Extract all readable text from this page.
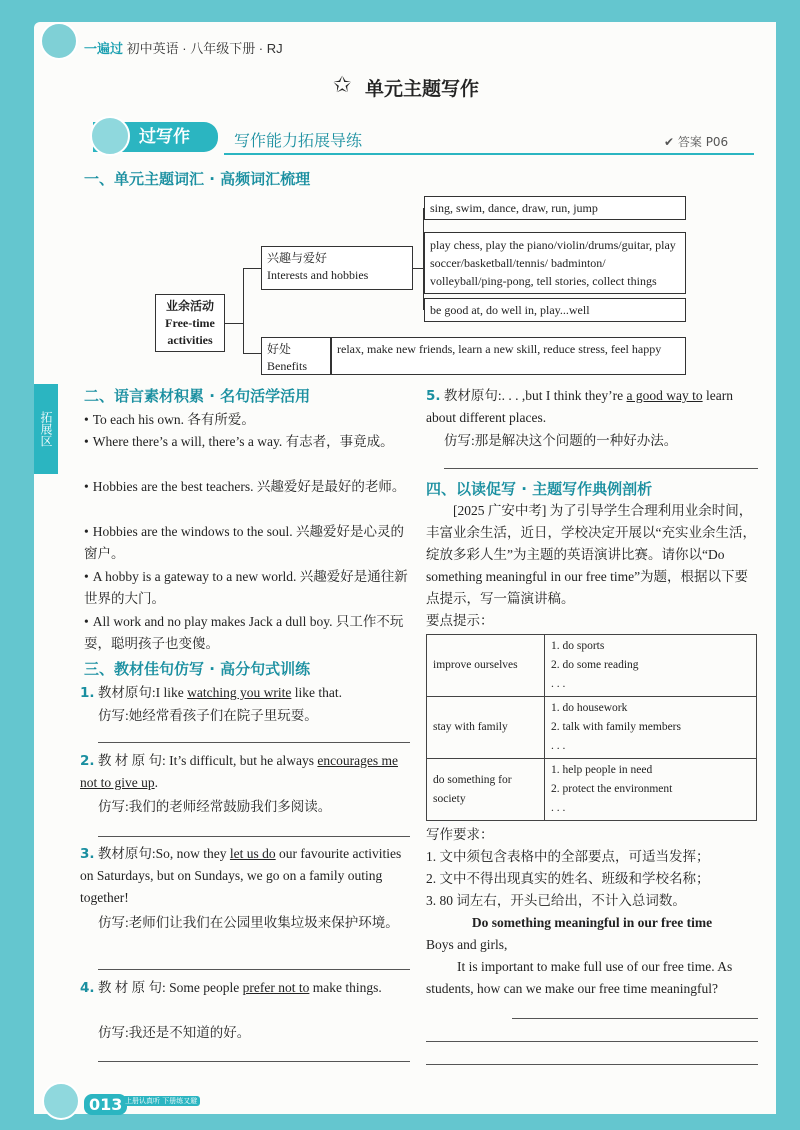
一遍过 初中英语 · 八年级下册 · RJ
✩ 单元主题写作
过写作	写作能力拓展导练	✔ 答案 P06
拓展区
一、单元主题词汇 · 高频词汇梳理
业余活动
Free-time activities
兴趣与爱好
Interests and hobbies
sing, swim, dance, draw, run, jump
play chess, play the piano/violin/drums/guitar, play soccer/basketball/tennis/ badminton/ volleyball/ping-pong, tell stories, collect things
be good at, do well in, play...well
好处
Benefits
relax, make new friends, learn a new skill, reduce stress, feel happy
二、语言素材积累 · 名句活学活用
• To each his own. 各有所爱。
• Where there’s a will, there’s a way. 有志者，事竟成。
• Hobbies are the best teachers. 兴趣爱好是最好的老师。
• Hobbies are the windows to the soul. 兴趣爱好是心灵的窗户。
• A hobby is a gateway to a new world. 兴趣爱好是通往新世界的大门。
• All work and no play makes Jack a dull boy. 只工作不玩耍，聪明孩子也变傻。
三、教材佳句仿写 · 高分句式训练
1. 教材原句:I like watching you write like that.
仿写:她经常看孩子们在院子里玩耍。
2. 教 材 原 句: It’s difficult, but he always encourages me not to give up.
仿写:我们的老师经常鼓励我们多阅读。
3. 教材原句:So, now they let us do our favourite activities on Saturdays, but on Sundays, we go on a family outing together!
仿写:老师们让我们在公园里收集垃圾来保护环境。
4. 教 材 原 句: Some people prefer not to make things.
仿写:我还是不知道的好。
5. 教材原句:. . . ,but I think they’re a good way to learn about different places.
仿写:那是解决这个问题的一种好办法。
四、以读促写 · 主题写作典例剖析
[2025 广安中考] 为了引导学生合理利用业余时间，丰富业余生活，近日，学校决定开展以“充实业余生活，绽放多彩人生”为主题的英语演讲比赛。请你以“Do something meaningful in our free time”为题，根据以下要点提示，写一篇演讲稿。
要点提示：
improve ourselves	1. do sports
2. do some reading
. . .

stay with family	1. do housework
2. talk with family members
. . .

do something for society	1. help people in need
2. protect the environment
. . .
写作要求：
1. 文中须包含表格中的全部要点，可适当发挥；
2. 文中不得出现真实的姓名、班级和学校名称；
3. 80 词左右，开头已给出，不计入总词数。
Do something meaningful in our free time
Boys and girls,
It is important to make full use of our free time. As students, how can we make our free time meaningful?
013 上册认真听 下册练又避
